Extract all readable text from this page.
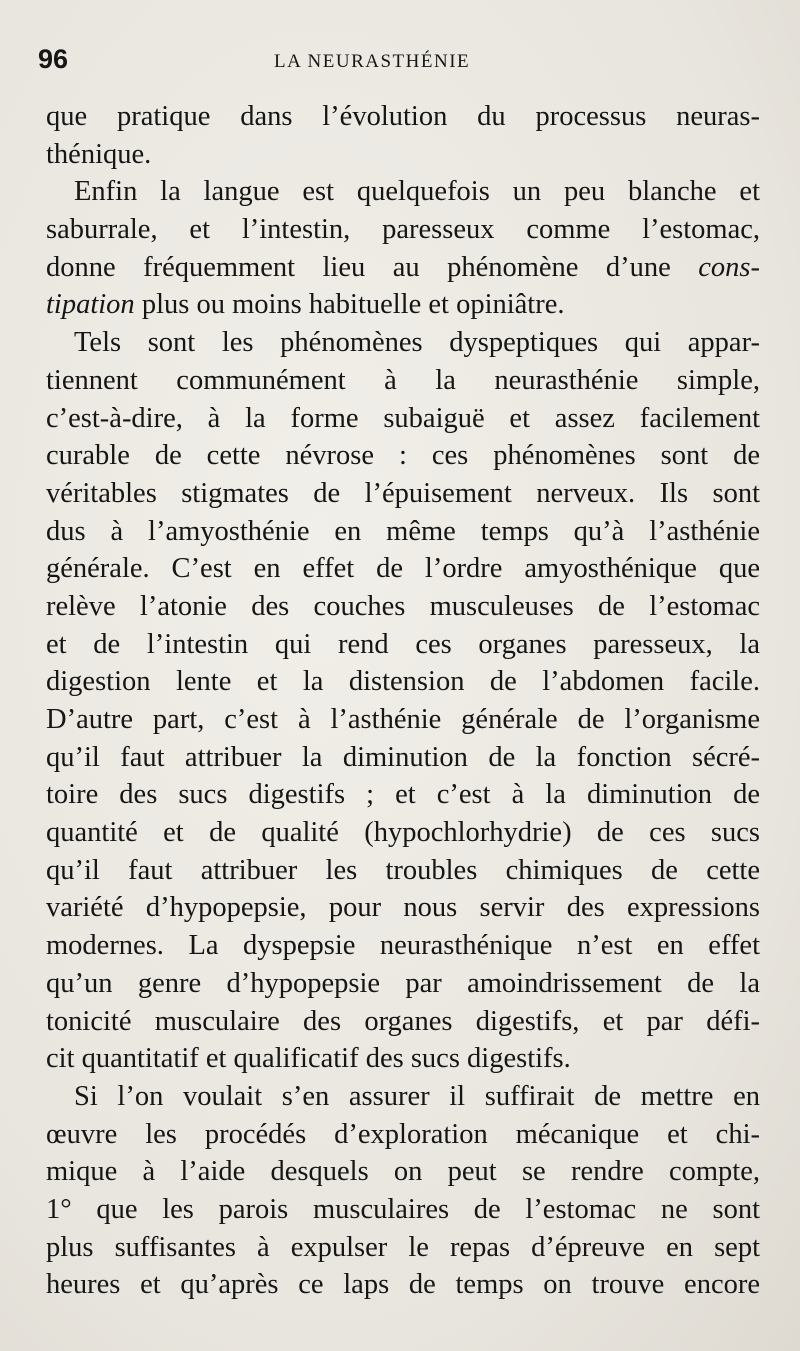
96	LA NEURASTHÉNIE
que pratique dans l’évolution du processus neuras-
thénique.
Enfin la langue est quelquefois un peu blanche et
saburrale, et l’intestin, paresseux comme l’estomac,
donne fréquemment lieu au phénomène d’une cons-
tipation plus ou moins habituelle et opiniâtre.
Tels sont les phénomènes dyspeptiques qui appar-
tiennent communément à la neurasthénie simple,
c’est-à-dire, à la forme subaiguë et assez facilement
curable de cette névrose : ces phénomènes sont de
véritables stigmates de l’épuisement nerveux. Ils sont
dus à l’amyosthénie en même temps qu’à l’asthénie
générale. C’est en effet de l’ordre amyosthénique que
relève l’atonie des couches musculeuses de l’estomac
et de l’intestin qui rend ces organes paresseux, la
digestion lente et la distension de l’abdomen facile.
D’autre part, c’est à l’asthénie générale de l’organisme
qu’il faut attribuer la diminution de la fonction sécré-
toire des sucs digestifs ; et c’est à la diminution de
quantité et de qualité (hypochlorhydrie) de ces sucs
qu’il faut attribuer les troubles chimiques de cette
variété d’hypopepsie, pour nous servir des expressions
modernes. La dyspepsie neurasthénique n’est en effet
qu’un genre d’hypopepsie par amoindrissement de la
tonicité musculaire des organes digestifs, et par défi-
cit quantitatif et qualificatif des sucs digestifs.
Si l’on voulait s’en assurer il suffirait de mettre en
œuvre les procédés d’exploration mécanique et chi-
mique à l’aide desquels on peut se rendre compte,
1° que les parois musculaires de l’estomac ne sont
plus suffisantes à expulser le repas d’épreuve en sept
heures et qu’après ce laps de temps on trouve encore
